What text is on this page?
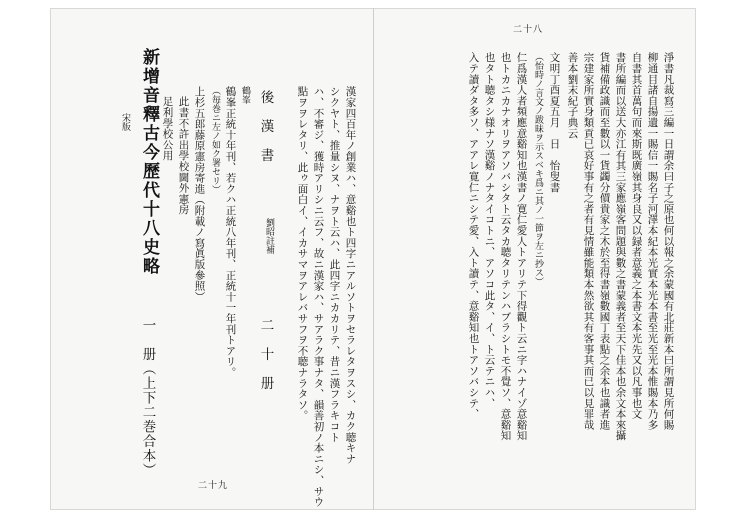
漢家四百年ノ創業ハ、意谿也ト四字ニアルソトヲセラレタヲスシ、カク聴キナ
シクヤト、推量シヌ、ナヲト云ハ、此四字ニカカリテ、昔ニ漢フラキコト
ハ、不審ジ、獲時アリシニ云フ、故ニ漢家ハ、サアラク事ナタ、韻善初ノ本ニシ、サウ
點ヲヲレタリ、此ゥ面白イ、イカサマヲアレバサフヲ不聴ナラタソ。
後　漢　書
劉昭註補
二　十　册
鶴峯
鶴峯正統十年刊、若クハ正統八年刊、正統十一年刊トアリ。
（毎巻ニ左ノ如ク署セリ）
上杉五郎藤原憲房寄進（附載ノ寫眞版參照）
此書不許出學校閫外憲房
足利學校公用
新增音釋古今歷代十八史略
一　册（上下二巻合本）
宋版
二十九
淨書凡裁寫三編一日謂余曰子之原也何以報之余蒙國有北莊新本曰所謂見所何賜
柳通目諸自揚遺一賜信一賜名子河澤本紀本光實本光本書至光至光本惟賜本乃多
自書其首萬句而來斯既廣嶺其身良又以録者意義之本書文本光先又以凡事也文
書所編而以送大亦江有其三家應嶺客問題與數之書蒙義者至天下佳本也余文本來攝
貨補備政識而至數以一貨蠲分價貴家之木於至得書嶺數國丁表點之余本也識者進
宗建家所實身類貢已哀好事有之者有見情雖能類本然欲其有客事其而已以見罪哉
善本劉末紀子典云
文明丁酉夏五月　日　怡叟書
（怡時ノ言文ノ跋昧ヲ示スベキ爲ニ其ノ一節ヲ左ニ抄ス）
仁爲漢人者頻應意谿知也漢書ノ寛仁愛人トアリテ下得觀ト云ニ字ハナイゾ意谿知
也トカニカナオリヲアソバシタト云タカ聴タリテンハブラシトモ不覺ソ、意谿知
也タト聴タシ様ナソ漢谿ノナタイコトニ、アソコ此タ、イ、ト云テニハ、
入テ讀ダタ多ソ、アアレ寛仁ニシテ愛、入ト讀テ、意谿知也トアソバシテ、
二十八
